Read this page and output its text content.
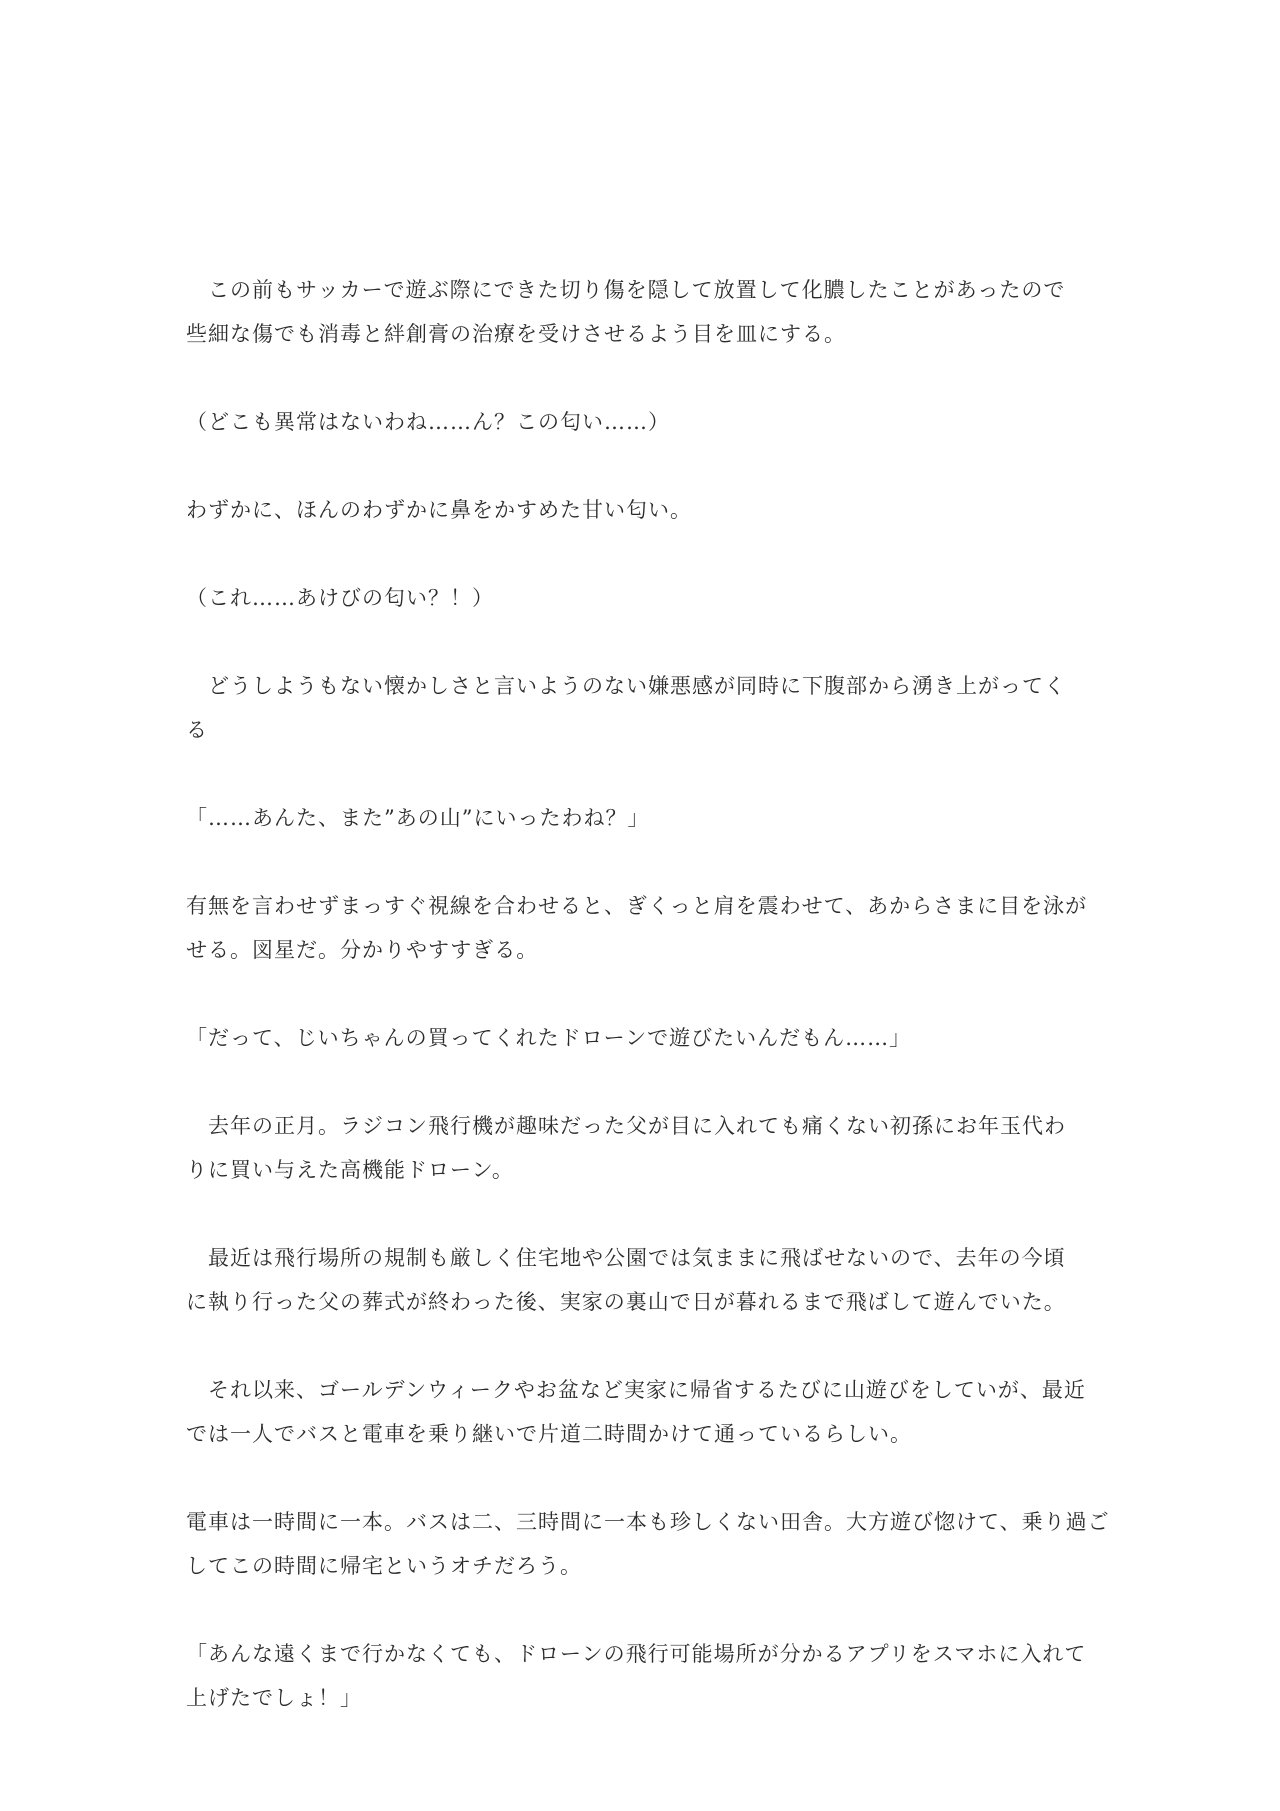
　この前もサッカーで遊ぶ際にできた切り傷を隠して放置して化膿したことがあったので
些細な傷でも消毒と絆創膏の治療を受けさせるよう目を皿にする。

（どこも異常はないわね……ん？この匂い……）

わずかに、ほんのわずかに鼻をかすめた甘い匂い。

（これ……あけびの匂い？！）

　どうしようもない懐かしさと言いようのない嫌悪感が同時に下腹部から湧き上がってく
る

「……あんた、また”あの山”にいったわね？」

有無を言わせずまっすぐ視線を合わせると、ぎくっと肩を震わせて、あからさまに目を泳が
せる。図星だ。分かりやすすぎる。

「だって、じいちゃんの買ってくれたドローンで遊びたいんだもん……」

　去年の正月。ラジコン飛行機が趣味だった父が目に入れても痛くない初孫にお年玉代わ
りに買い与えた高機能ドローン。

　最近は飛行場所の規制も厳しく住宅地や公園では気ままに飛ばせないので、去年の今頃
に執り行った父の葬式が終わった後、実家の裏山で日が暮れるまで飛ばして遊んでいた。

　それ以来、ゴールデンウィークやお盆など実家に帰省するたびに山遊びをしていが、最近
では一人でバスと電車を乗り継いで片道二時間かけて通っているらしい。

電車は一時間に一本。バスは二、三時間に一本も珍しくない田舎。大方遊び惚けて、乗り過ご
してこの時間に帰宅というオチだろう。

「あんな遠くまで行かなくても、ドローンの飛行可能場所が分かるアプリをスマホに入れて
上げたでしょ！」
